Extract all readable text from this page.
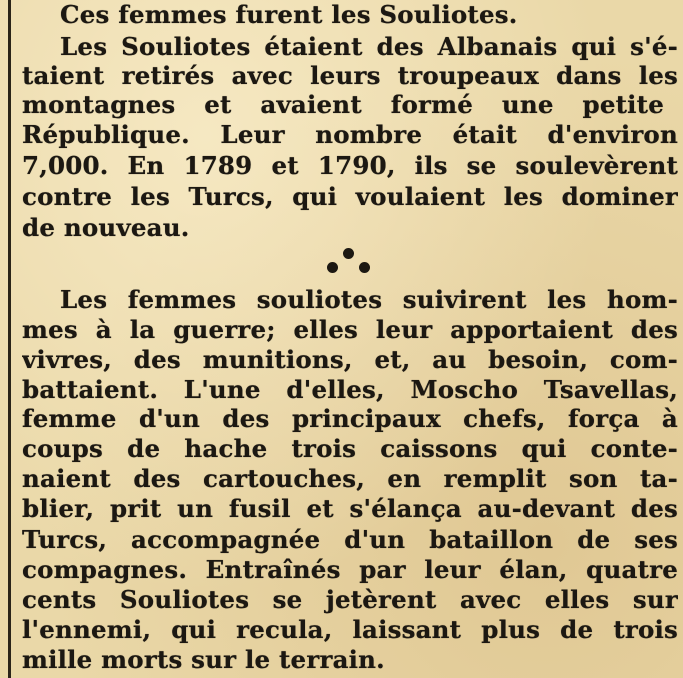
Ces femmes furent les Souliotes.
Les Souliotes étaient des Albanais qui s'é-
taient retirés avec leurs troupeaux dans les
montagnes et avaient formé une petite
République. Leur nombre était d'environ
7,000. En 1789 et 1790, ils se soulevèrent
contre les Turcs, qui voulaient les dominer
de nouveau.
Les femmes souliotes suivirent les hom-
mes à la guerre; elles leur apportaient des
vivres, des munitions, et, au besoin, com-
battaient. L'une d'elles, Moscho Tsavellas,
femme d'un des principaux chefs, força à
coups de hache trois caissons qui conte-
naient des cartouches, en remplit son ta-
blier, prit un fusil et s'élança au-devant des
Turcs, accompagnée d'un bataillon de ses
compagnes. Entraînés par leur élan, quatre
cents Souliotes se jetèrent avec elles sur
l'ennemi, qui recula, laissant plus de trois
mille morts sur le terrain.
